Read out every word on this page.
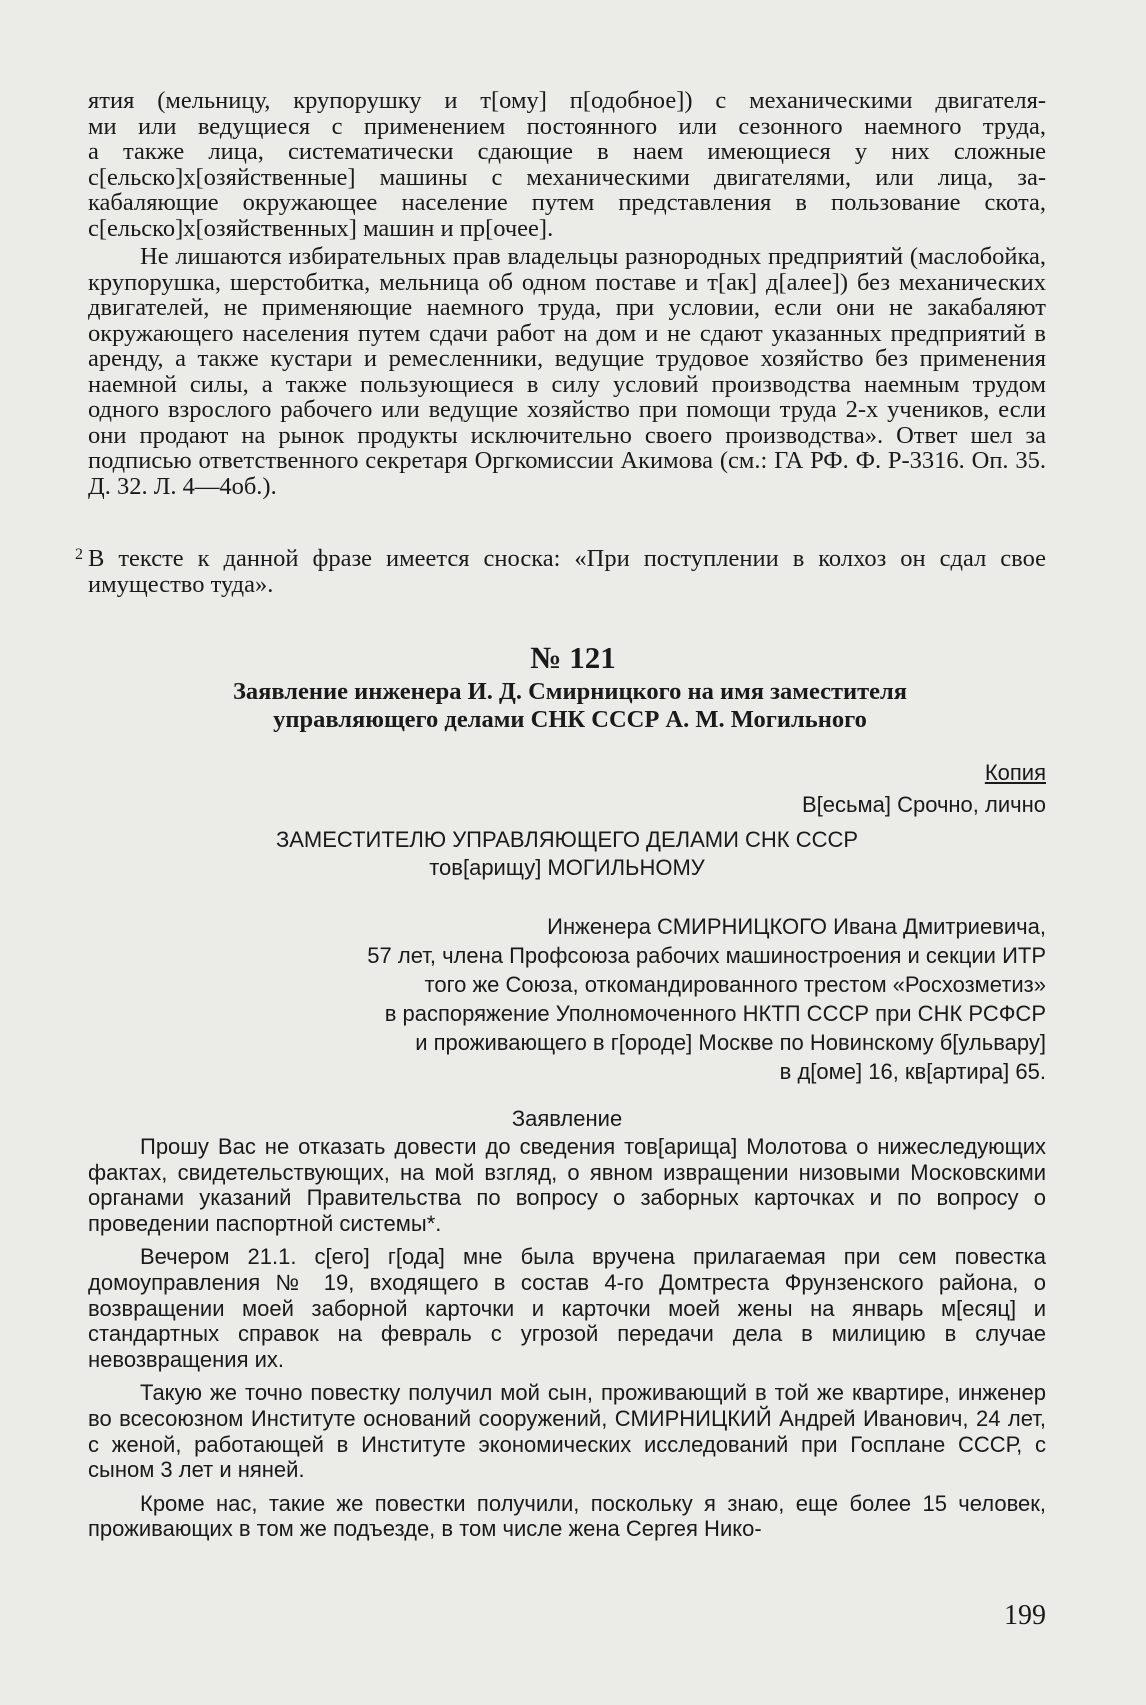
ятия (мельницу, крупорушку и т[ому] п[одобное]) с механическими двигателя-
ми или ведущиеся с применением постоянного или сезонного наемного труда,
а также лица, систематически сдающие в наем имеющиеся у них сложные
с[ельско]х[озяйственные] машины с механическими двигателями, или лица, за-
кабаляющие окружающее население путем представления в пользование скота,
с[ельско]х[озяйственных] машин и пр[очее].

Не лишаются избирательных прав владельцы разнородных предприятий (маслобойка, крупорушка, шерстобитка, мельница об одном поставе и т[ак] д[алее]) без механических двигателей, не применяющие наемного труда, при условии, если они не закабаляют окружающего населения путем сдачи работ на дом и не сдают указанных предприятий в аренду, а также кустари и ремесленники, ведущие трудовое хозяйство без применения наемной силы, а также пользующиеся в силу условий производства наемным трудом одного взрослого рабочего или ведущие хозяйство при помощи труда 2-х учеников, если они продают на рынок продукты исключительно своего производства». Ответ шел за подписью ответственного секретаря Оргкомиссии Акимова (см.: ГА РФ. Ф. Р-3316. Оп. 35. Д. 32. Л. 4—4об.).

2 В тексте к данной фразе имеется сноска: «При поступлении в колхоз он сдал свое имущество туда».
№ 121
Заявление инженера И. Д. Смирницкого на имя заместителя
управляющего делами СНК СССР А. М. Могильного
Копия
В[есьма] Срочно, лично
ЗАМЕСТИТЕЛЮ УПРАВЛЯЮЩЕГО ДЕЛАМИ СНК СССР
тов[арищу] МОГИЛЬНОМУ
Инженера СМИРНИЦКОГО Ивана Дмитриевича,
57 лет, члена Профсоюза рабочих машиностроения и секции ИТР
того же Союза, откомандированного трестом «Росхозметиз»
в распоряжение Уполномоченного НКТП СССР при СНК РСФСР
и проживающего в г[ороде] Москве по Новинскому б[ульвару]
в д[оме] 16, кв[артира] 65.
Заявление

Прошу Вас не отказать довести до сведения тов[арища] Молотова о нижеследующих фактах, свидетельствующих, на мой взгляд, о явном извращении низовыми Московскими органами указаний Правительства по вопросу о заборных карточках и по вопросу о проведении паспортной системы*.

Вечером 21.1. с[его] г[ода] мне была вручена прилагаемая при сем повестка домоуправления № 19, входящего в состав 4-го Домтреста Фрунзенского района, о возвращении моей заборной карточки и карточки моей жены на январь м[есяц] и стандартных справок на февраль с угрозой передачи дела в милицию в случае невозвращения их.

Такую же точно повестку получил мой сын, проживающий в той же квартире, инженер во всесоюзном Институте оснований сооружений, СМИРНИЦКИЙ Андрей Иванович, 24 лет, с женой, работающей в Институте экономических исследований при Госплане СССР, с сыном 3 лет и няней.

Кроме нас, такие же повестки получили, поскольку я знаю, еще более 15 человек, проживающих в том же подъезде, в том числе жена Сергея Нико-

199
